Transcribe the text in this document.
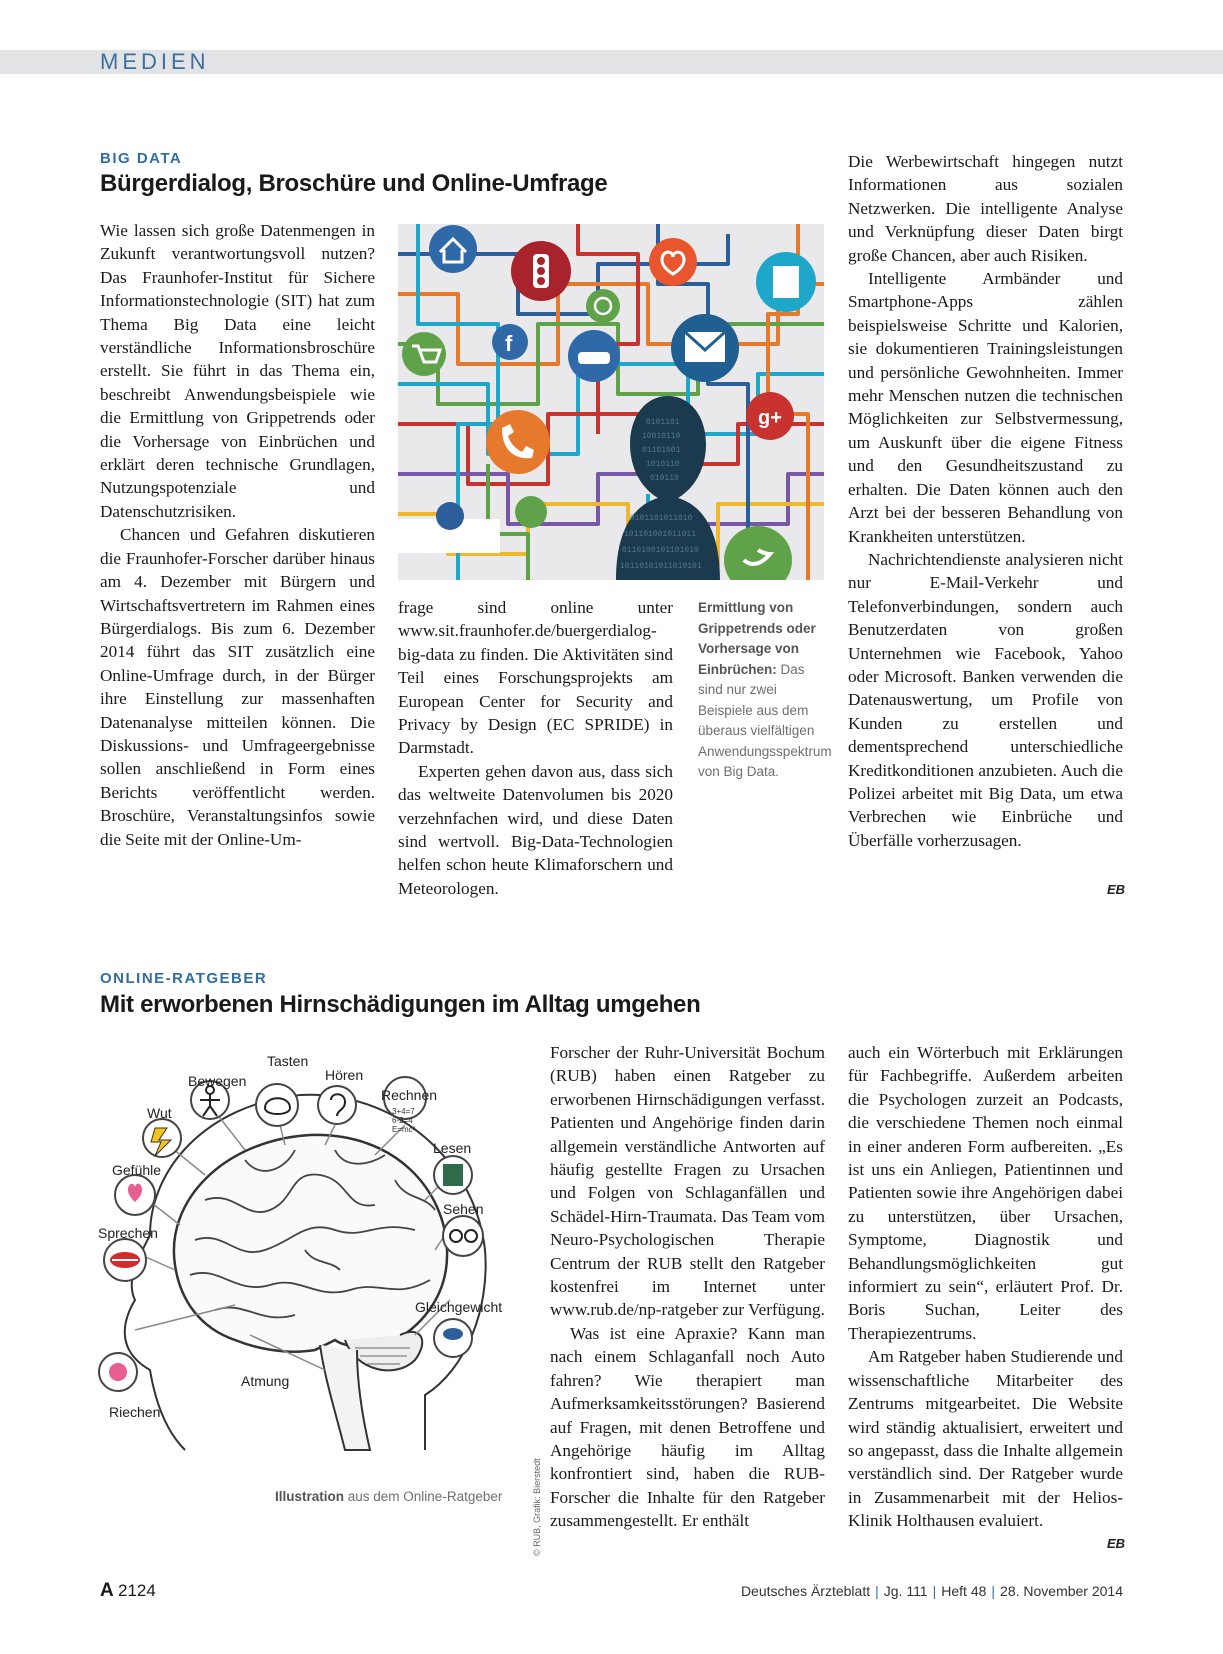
MEDIEN
BIG DATA
Bürgerdialog, Broschüre und Online-Umfrage

Wie lassen sich große Datenmengen in Zukunft verantwortungsvoll nutzen? Das Fraunhofer-Institut für Sichere Informationstechnologie (SIT) hat zum Thema Big Data eine leicht verständliche Informationsbroschüre erstellt. Sie führt in das Thema ein, beschreibt Anwendungsbeispiele wie die Ermittlung von Grippetrends oder die Vorhersage von Einbrüchen und erklärt deren technische Grundlagen, Nutzungspotenziale und Datenschutzrisiken.

Chancen und Gefahren diskutieren die Fraunhofer-Forscher darüber hinaus am 4. Dezember mit Bürgern und Wirtschaftsvertretern im Rahmen eines Bürgerdialogs. Bis zum 6. Dezember 2014 führt das SIT zusätzlich eine Online-Umfrage durch, in der Bürger ihre Einstellung zur massenhaften Datenanalyse mitteilen können. Die Diskussions- und Umfrageergebnisse sollen anschließend in Form eines Berichts veröffentlicht werden. Broschüre, Veranstaltungsinfos sowie die Seite mit der Online-Um-

f
g+
0101101
10010110
01101001
1010110
010110
0101101011010
101101001011011
0110100101101010
10110101011010101

frage sind online unter www.sit.fraunhofer.de/buergerdialog-big-data zu finden. Die Aktivitäten sind Teil eines Forschungsprojekts am European Center for Security and Privacy by Design (EC SPRIDE) in Darmstadt.

Experten gehen davon aus, dass sich das weltweite Datenvolumen bis 2020 verzehnfachen wird, und diese Daten sind wertvoll. Big-Data-Technologien helfen schon heute Klimaforschern und Meteorologen.

Ermittlung von Grippetrends oder Vorhersage von Einbrüchen: Das sind nur zwei Beispiele aus dem überaus vielfältigen Anwendungsspektrum von Big Data.

Die Werbewirtschaft hingegen nutzt Informationen aus sozialen Netzwerken. Die intelligente Analyse und Verknüpfung dieser Daten birgt große Chancen, aber auch Risiken.

Intelligente Armbänder und Smartphone-Apps zählen beispielsweise Schritte und Kalorien, sie dokumentieren Trainingsleistungen und persönliche Gewohnheiten. Immer mehr Menschen nutzen die technischen Möglichkeiten zur Selbstvermessung, um Auskunft über die eigene Fitness und den Gesundheitszustand zu erhalten. Die Daten können auch den Arzt bei der besseren Behandlung von Krankheiten unterstützen.

Nachrichtendienste analysieren nicht nur E-Mail-Verkehr und Telefonverbindungen, sondern auch Benutzerdaten von großen Unternehmen wie Facebook, Yahoo oder Microsoft. Banken verwenden die Datenauswertung, um Profile von Kunden zu erstellen und dementsprechend unterschiedliche Kreditkonditionen anzubieten. Auch die Polizei arbeitet mit Big Data, um etwa Verbrechen wie Einbrüche und Überfälle vorherzusagen.

EB
ONLINE-RATGEBER
Mit erworbenen Hirnschädigungen im Alltag umgehen
Tasten
Hören
Bewegen
Rechnen
3+4=7
6-2=4
E=mc²
Wut
Lesen
Gefühle
Sehen
Sprechen
Gleichgewicht
Atmung
Riechen
Illustration aus dem Online-Ratgeber	© RUB, Grafik: Bierstedt

Forscher der Ruhr-Universität Bochum (RUB) haben einen Ratgeber zu erworbenen Hirnschädigungen verfasst. Patienten und Angehörige finden darin allgemein verständliche Antworten auf häufig gestellte Fragen zu Ursachen und Folgen von Schlaganfällen und Schädel-Hirn-Traumata. Das Team vom Neuro-Psychologischen Therapie Centrum der RUB stellt den Ratgeber kostenfrei im Internet unter www.rub.de/np-ratgeber zur Verfügung.

Was ist eine Apraxie? Kann man nach einem Schlaganfall noch Auto fahren? Wie therapiert man Aufmerksamkeitsstörungen? Basierend auf Fragen, mit denen Betroffene und Angehörige häufig im Alltag konfrontiert sind, haben die RUB-Forscher die Inhalte für den Ratgeber zusammengestellt. Er enthält

auch ein Wörterbuch mit Erklärungen für Fachbegriffe. Außerdem arbeiten die Psychologen zurzeit an Podcasts, die verschiedene Themen noch einmal in einer anderen Form aufbereiten. „Es ist uns ein Anliegen, Patientinnen und Patienten sowie ihre Angehörigen dabei zu unterstützen, über Ursachen, Symptome, Diagnostik und Behandlungsmöglichkeiten gut informiert zu sein“, erläutert Prof. Dr. Boris Suchan, Leiter des Therapiezentrums.

Am Ratgeber haben Studierende und wissenschaftliche Mitarbeiter des Zentrums mitgearbeitet. Die Website wird ständig aktualisiert, erweitert und so angepasst, dass die Inhalte allgemein verständlich sind. Der Ratgeber wurde in Zusammenarbeit mit der Helios-Klinik Holthausen evaluiert.

EB
A 2124	Deutsches Ärzteblatt | Jg. 111 | Heft 48 | 28. November 2014
